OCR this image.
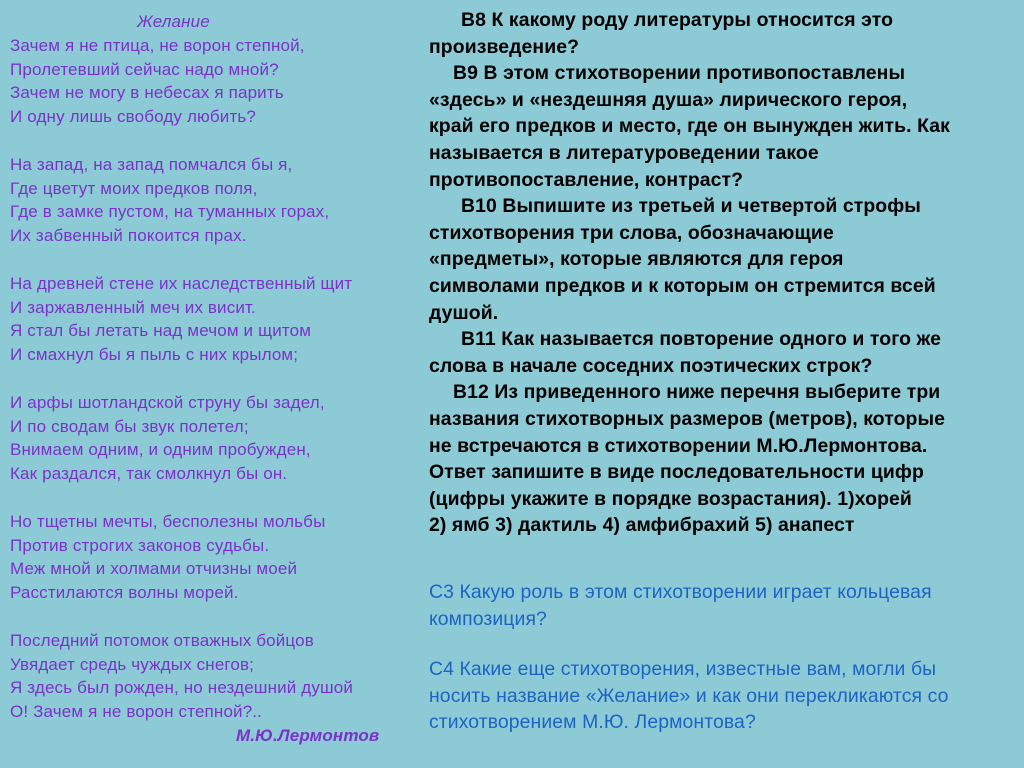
Желание
Зачем я не птица, не ворон степной,
Пролетевший сейчас надо мной?
Зачем не могу в небесах я парить
И одну лишь свободу любить?
На запад, на запад помчался бы я,
Где цветут моих предков поля,
Где в замке пустом, на туманных горах,
Их забвенный покоится прах.
На древней стене их наследственный щит
И заржавленный меч их висит.
Я стал бы летать над мечом и щитом
И смахнул бы я пыль с них крылом;
И арфы шотландской струну бы задел,
И по сводам бы звук полетел;
Внимаем одним, и одним пробужден,
Как раздался, так смолкнул бы он.
Но тщетны мечты, бесполезны мольбы
Против строгих законов судьбы.
Меж мной и холмами отчизны моей
Расстилаются волны морей.
Последний потомок отважных бойцов
Увядает средь чуждых снегов;
Я здесь был рожден, но нездешний душой
О! Зачем я не ворон степной?..
М.Ю.Лермонтов
B8 К какому роду литературы относится это
произведение?
B9 В этом стихотворении противопоставлены
«здесь» и «нездешняя душа» лирического героя,
край его предков и место, где он вынужден жить. Как
называется в литературоведении такое
противопоставление, контраст?
B10 Выпишите из третьей и четвертой строфы
стихотворения три слова, обозначающие
«предметы», которые являются для героя
символами предков и к которым он стремится всей
душой.
B11 Как называется повторение одного и того же
слова в начале соседних поэтических строк?
B12 Из приведенного ниже перечня выберите три
названия стихотворных размеров (метров), которые
не встречаются в стихотворении М.Ю.Лермонтова.
Ответ запишите в виде последовательности цифр
(цифры укажите в порядке возрастания). 1)хорей
2) ямб 3) дактиль 4) амфибрахий 5) анапест
С3 Какую роль в этом стихотворении играет кольцевая
композиция?
С4 Какие еще стихотворения, известные вам, могли бы
носить название «Желание» и как они перекликаются со
стихотворением М.Ю. Лермонтова?
